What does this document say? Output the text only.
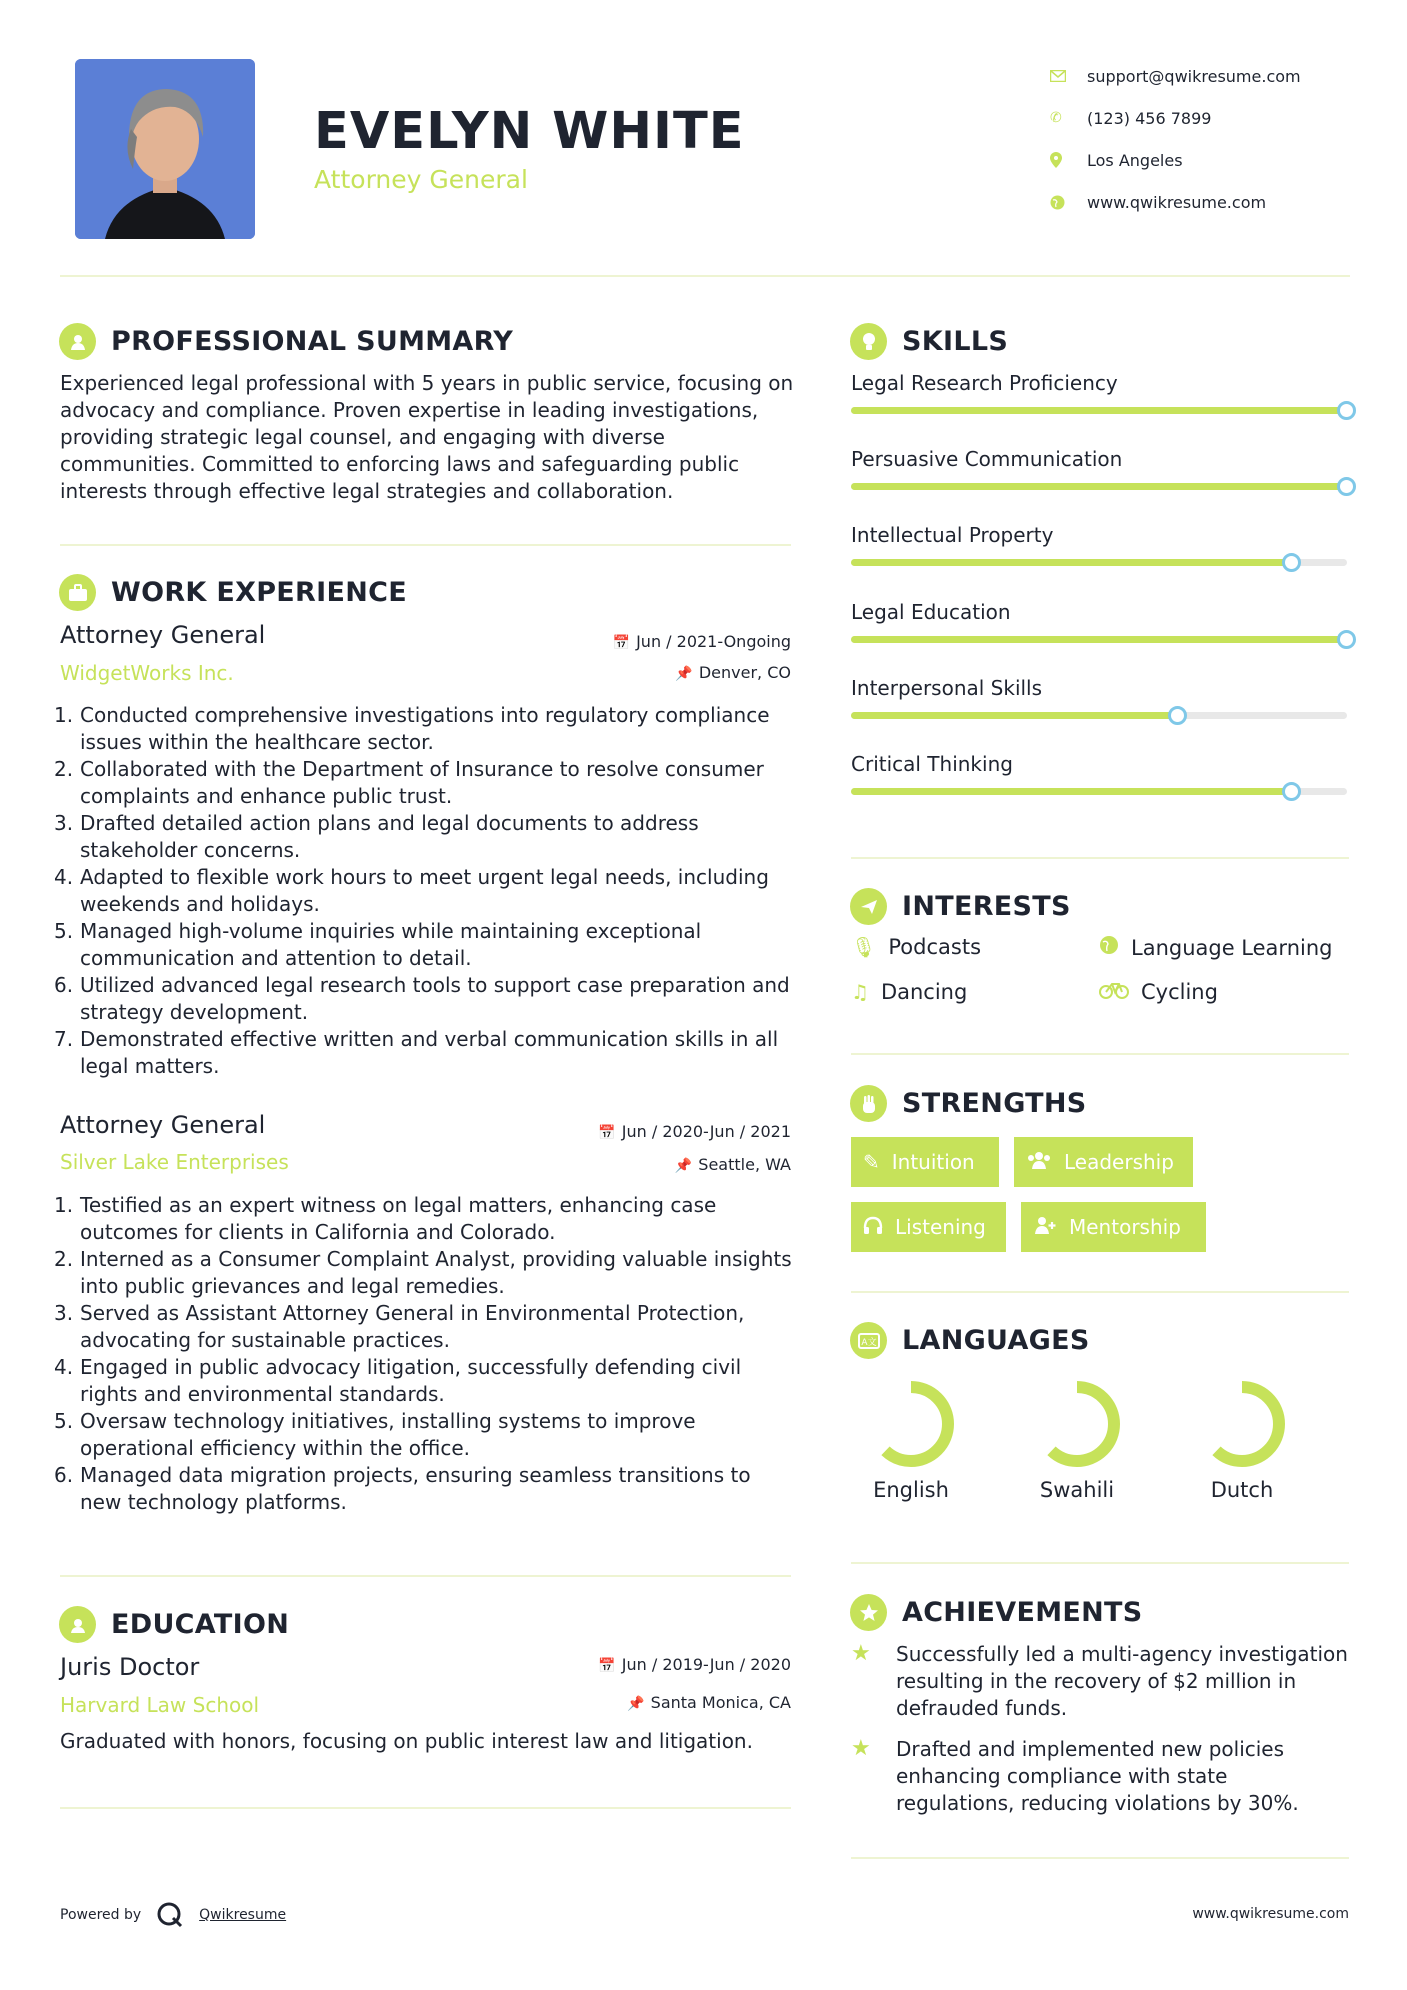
EVELYN WHITE
Attorney General
support@qwikresume.com
✆	(123) 456 7899
Los Angeles
www.qwikresume.com
PROFESSIONAL SUMMARY
Experienced legal professional with 5 years in public service, focusing on advocacy and compliance. Proven expertise in leading investigations, providing strategic legal counsel, and engaging with diverse communities. Committed to enforcing laws and safeguarding public interests through effective legal strategies and collaboration.
WORK EXPERIENCE
Attorney General
WidgetWorks Inc.
📅 Jun / 2021-Ongoing
📌 Denver, CO
1. Conducted comprehensive investigations into regulatory compliance issues within the healthcare sector.
2. Collaborated with the Department of Insurance to resolve consumer complaints and enhance public trust.
3. Drafted detailed action plans and legal documents to address stakeholder concerns.
4. Adapted to flexible work hours to meet urgent legal needs, including weekends and holidays.
5. Managed high-volume inquiries while maintaining exceptional communication and attention to detail.
6. Utilized advanced legal research tools to support case preparation and strategy development.
7. Demonstrated effective written and verbal communication skills in all legal matters.
Attorney General
Silver Lake Enterprises
📅 Jun / 2020-Jun / 2021
📌 Seattle, WA
1. Testified as an expert witness on legal matters, enhancing case outcomes for clients in California and Colorado.
2. Interned as a Consumer Complaint Analyst, providing valuable insights into public grievances and legal remedies.
3. Served as Assistant Attorney General in Environmental Protection, advocating for sustainable practices.
4. Engaged in public advocacy litigation, successfully defending civil rights and environmental standards.
5. Oversaw technology initiatives, installing systems to improve operational efficiency within the office.
6. Managed data migration projects, ensuring seamless transitions to new technology platforms.
EDUCATION
Juris Doctor
Harvard Law School
📅 Jun / 2019-Jun / 2020
📌 Santa Monica, CA
Graduated with honors, focusing on public interest law and litigation.
SKILLS
Legal Research Proficiency
Persuasive Communication
Intellectual Property
Legal Education
Interpersonal Skills
Critical Thinking
INTERESTS
🎙 Podcasts	Language Learning
♫ Dancing	Cycling
STRENGTHS
✎ Intuition	Leadership
Listening	Mentorship
A文 LANGUAGES
English	Swahili	Dutch
ACHIEVEMENTS
★	Successfully led a multi-agency investigation resulting in the recovery of $2 million in defrauded funds.
★	Drafted and implemented new policies enhancing compliance with state regulations, reducing violations by 30%.
Powered by	Qwikresume	www.qwikresume.com
